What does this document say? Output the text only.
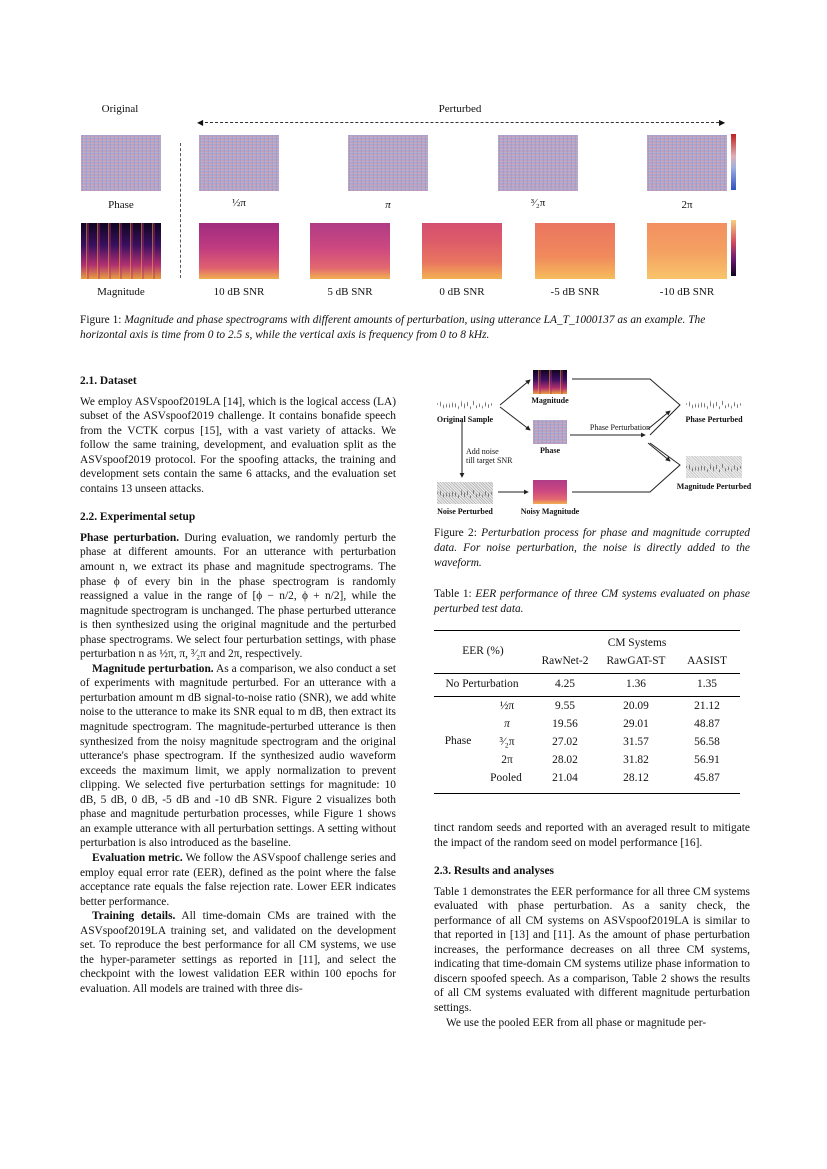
Original	Perturbed
◀	▶
Phase	½π	π	³⁄₂π	2π
Magnitude	10 dB SNR	5 dB SNR	0 dB SNR	-5 dB SNR	-10 dB SNR
Figure 1: Magnitude and phase spectrograms with different amounts of perturbation, using utterance LA_T_1000137 as an example. The horizontal axis is time from 0 to 2.5 s, while the vertical axis is frequency from 0 to 8 kHz.
2.1. Dataset

We employ ASVspoof2019LA [14], which is the logical access (LA) subset of the ASVspoof2019 challenge. It contains bonafide speech from the VCTK corpus [15], with a vast variety of attacks. We follow the same training, development, and evaluation split as the ASVspoof2019 protocol. For the spoofing attacks, the training and development sets contain the same 6 attacks, and the evaluation set contains 13 unseen attacks.

2.2. Experimental setup

Phase perturbation. During evaluation, we randomly perturb the phase at different amounts. For an utterance with perturbation amount n, we extract its phase and magnitude spectrograms. The phase ϕ of every bin in the phase spectrogram is randomly reassigned a value in the range of [ϕ − n/2, ϕ + n/2], while the magnitude spectrogram is unchanged. The phase perturbed utterance is then synthesized using the original magnitude and the perturbed phase spectrograms. We select four perturbation settings, with phase perturbation n as ½π, π, ³⁄₂π and 2π, respectively.

Magnitude perturbation. As a comparison, we also conduct a set of experiments with magnitude perturbed. For an utterance with a perturbation amount m dB signal-to-noise ratio (SNR), we add white noise to the utterance to make its SNR equal to m dB, then extract its magnitude spectrogram. The magnitude-perturbed utterance is then synthesized from the noisy magnitude spectrogram and the original utterance's phase spectrogram. If the synthesized audio waveform exceeds the maximum limit, we apply normalization to prevent clipping. We selected five perturbation settings for magnitude: 10 dB, 5 dB, 0 dB, -5 dB and -10 dB SNR. Figure 2 visualizes both phase and magnitude perturbation processes, while Figure 1 shows an example utterance with all perturbation settings. A setting without perturbation is also introduced as the baseline.

Evaluation metric. We follow the ASVspoof challenge series and employ equal error rate (EER), defined as the point where the false acceptance rate equals the false rejection rate. Lower EER indicates better performance.

Training details. All time-domain CMs are trained with the ASVspoof2019LA training set, and validated on the development set. To reproduce the best performance for all CM systems, we use the hyper-parameter settings as reported in [11], and select the checkpoint with the lowest validation EER within 100 epochs for evaluation. All models are trained with three dis-

Original Sample
Magnitude
Phase
Phase Perturbation
Phase Perturbed
Magnitude Perturbed
Add noise
till target SNR
Noise Perturbed	Noisy Magnitude
Figure 2: Perturbation process for phase and magnitude corrupted data. For noise perturbation, the noise is directly added to the waveform.
Table 1: EER performance of three CM systems evaluated on phase perturbed test data.
EER (%)
CM Systems
RawNet-2	RawGAT-ST	AASIST
No Perturbation	4.25	1.36	1.35
Phase
½π	9.55	20.09	21.12
π	19.56	29.01	48.87
³⁄₂π	27.02	31.57	56.58
2π	28.02	31.82	56.91
Pooled	21.04	28.12	45.87

tinct random seeds and reported with an averaged result to mitigate the impact of the random seed on model performance [16].

2.3. Results and analyses

Table 1 demonstrates the EER performance for all three CM systems evaluated with phase perturbation. As a sanity check, the performance of all CM systems on ASVspoof2019LA is similar to that reported in [13] and [11]. As the amount of phase perturbation increases, the performance decreases on all three CM systems, indicating that time-domain CM systems utilize phase information to discern spoofed speech. As a comparison, Table 2 shows the results of all CM systems evaluated with different magnitude perturbation settings.

We use the pooled EER from all phase or magnitude per-
